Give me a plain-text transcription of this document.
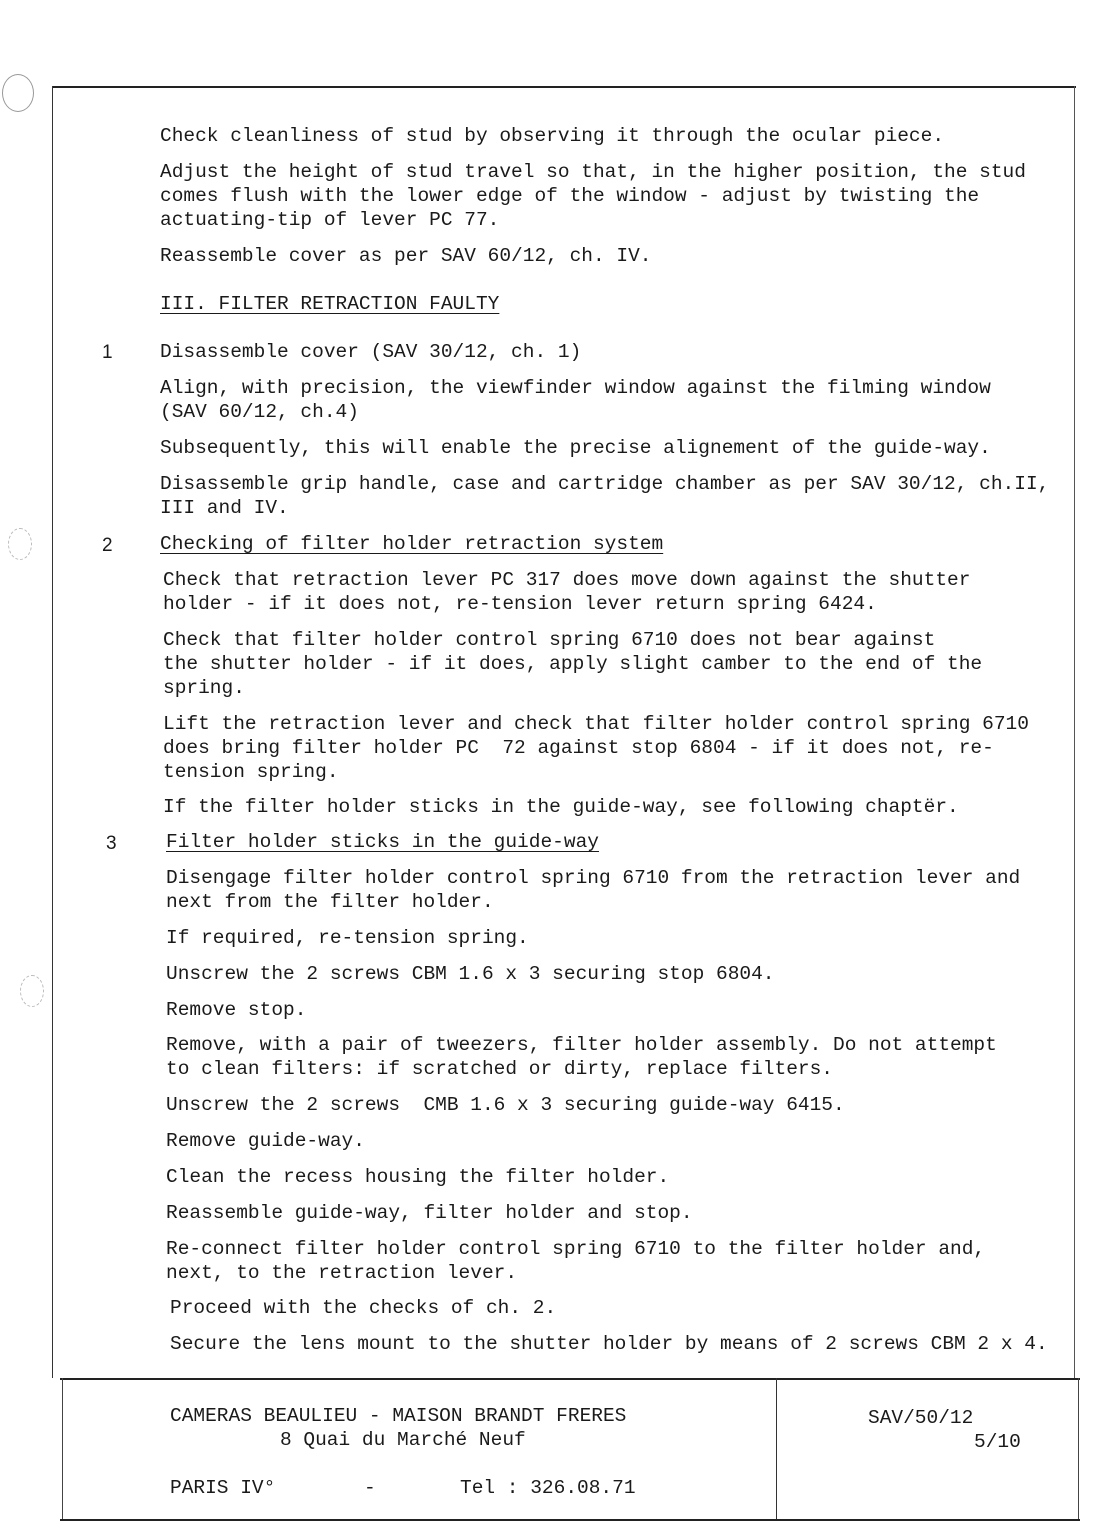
Check cleanliness of stud by observing it through the ocular piece.
Adjust the height of stud travel so that, in the higher position, the stud
comes flush with the lower edge of the window - adjust by twisting the
actuating-tip of lever PC 77.
Reassemble cover as per SAV 60/12, ch. IV.
III. FILTER RETRACTION FAULTY
1 Disassemble cover (SAV 30/12, ch. 1)
Align, with precision, the viewfinder window against the filming window
(SAV 60/12, ch.4)
Subsequently, this will enable the precise alignement of the guide-way.
Disassemble grip handle, case and cartridge chamber as per SAV 30/12, ch.II,
III and IV.
2 Checking of filter holder retraction system
Check that retraction lever PC 317 does move down against the shutter
holder - if it does not, re-tension lever return spring 6424.
Check that filter holder control spring 6710 does not bear against
the shutter holder - if it does, apply slight camber to the end of the
spring.
Lift the retraction lever and check that filter holder control spring 6710
does bring filter holder PC  72 against stop 6804 - if it does not, re-
tension spring.
If the filter holder sticks in the guide-way, see following chaptër.
3	Filter holder sticks in the guide-way
Disengage filter holder control spring 6710 from the retraction lever and
next from the filter holder.
If required, re-tension spring.
Unscrew the 2 screws CBM 1.6 x 3 securing stop 6804.
Remove stop.
Remove, with a pair of tweezers, filter holder assembly. Do not attempt
to clean filters: if scratched or dirty, replace filters.
Unscrew the 2 screws  CMB 1.6 x 3 securing guide-way 6415.
Remove guide-way.
Clean the recess housing the filter holder.
Reassemble guide-way, filter holder and stop.
Re-connect filter holder control spring 6710 to the filter holder and,
next, to the retraction lever.
Proceed with the checks of ch. 2.
Secure the lens mount to the shutter holder by means of 2 screws CBM 2 x 4.
CAMERAS BEAULIEU - MAISON BRANDT FRERES
8 Quai du Marché Neuf
PARIS IV°	-	Tel : 326.08.71
SAV/50/12
5/10
